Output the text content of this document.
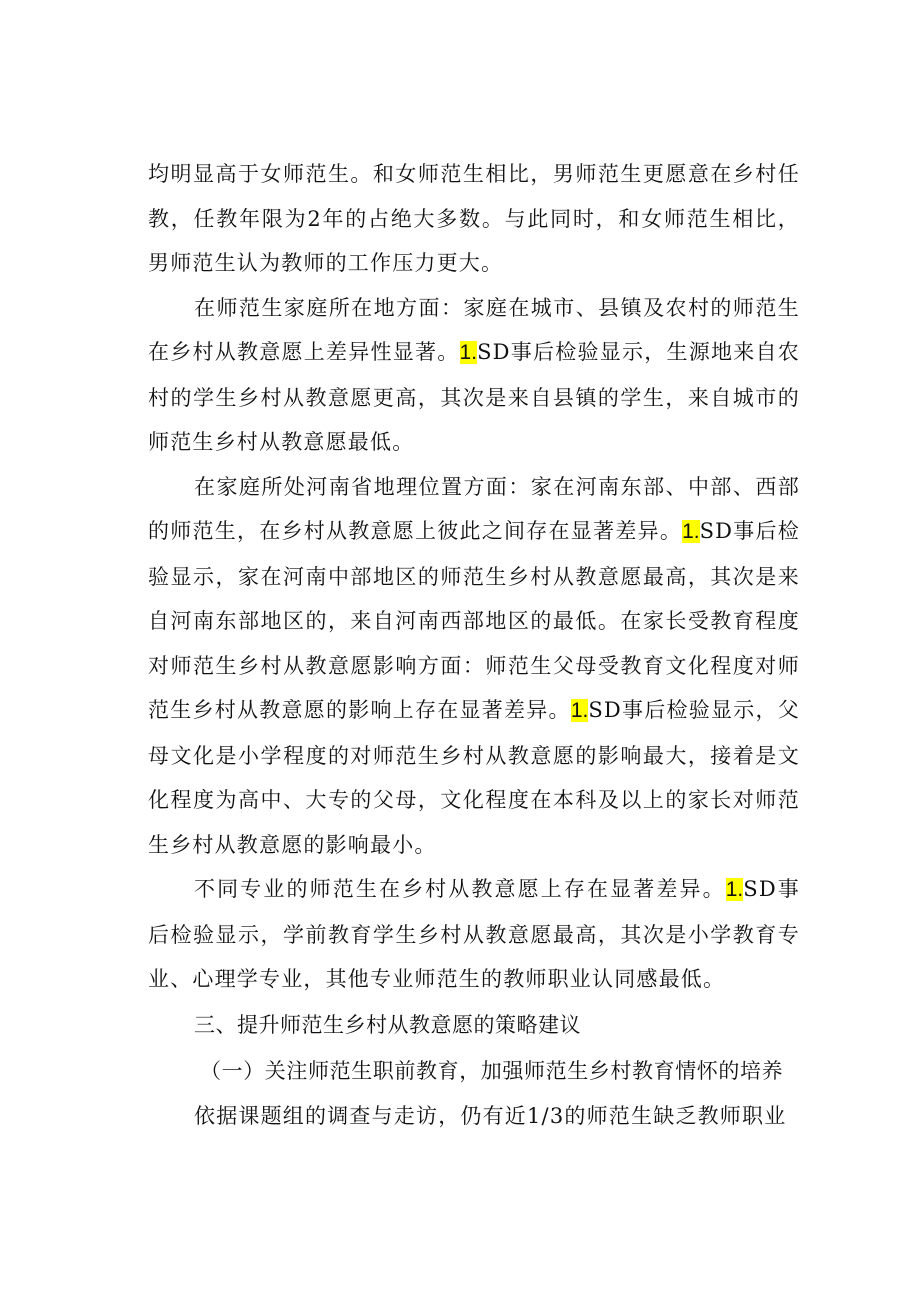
均明显高于女师范生。和女师范生相比，男师范生更愿意在乡村任教，任教年限为2年的占绝大多数。与此同时，和女师范生相比，男师范生认为教师的工作压力更大。

在师范生家庭所在地方面：家庭在城市、县镇及农村的师范生在乡村从教意愿上差异性显著。1.SD事后检验显示，生源地来自农村的学生乡村从教意愿更高，其次是来自县镇的学生，来自城市的师范生乡村从教意愿最低。

在家庭所处河南省地理位置方面：家在河南东部、中部、西部的师范生，在乡村从教意愿上彼此之间存在显著差异。1.SD事后检验显示，家在河南中部地区的师范生乡村从教意愿最高，其次是来自河南东部地区的，来自河南西部地区的最低。在家长受教育程度对师范生乡村从教意愿影响方面：师范生父母受教育文化程度对师范生乡村从教意愿的影响上存在显著差异。1.SD事后检验显示，父母文化是小学程度的对师范生乡村从教意愿的影响最大，接着是文化程度为高中、大专的父母，文化程度在本科及以上的家长对师范生乡村从教意愿的影响最小。

不同专业的师范生在乡村从教意愿上存在显著差异。1.SD事后检验显示，学前教育学生乡村从教意愿最高，其次是小学教育专业、心理学专业，其他专业师范生的教师职业认同感最低。

三、提升师范生乡村从教意愿的策略建议

（一）关注师范生职前教育，加强师范生乡村教育情怀的培养

依据课题组的调查与走访，仍有近1/3的师范生缺乏教师职业
